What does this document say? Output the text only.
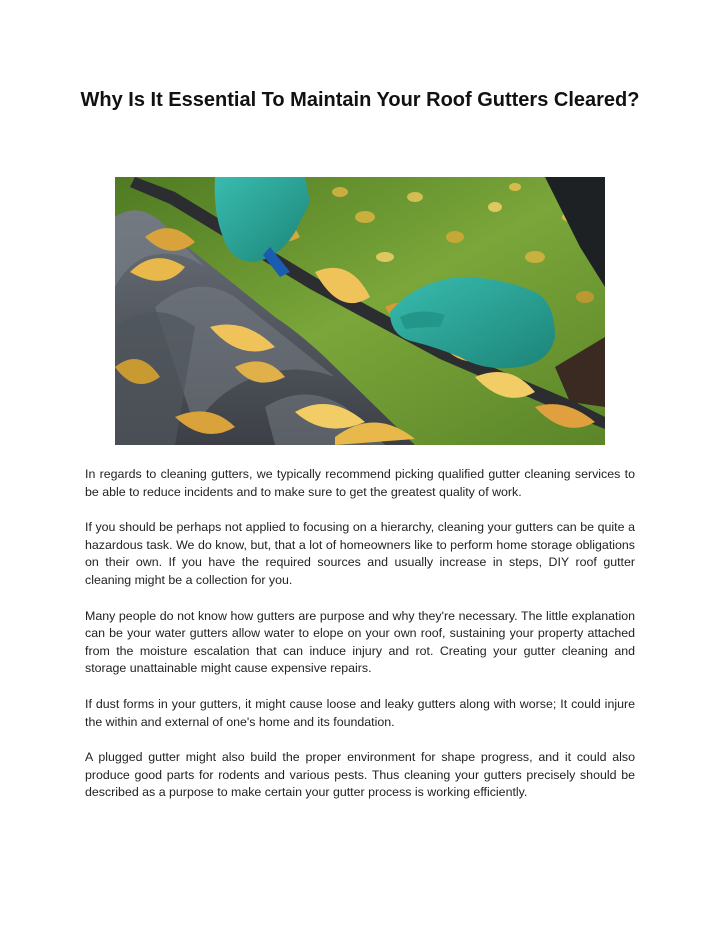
Why Is It Essential To Maintain Your Roof Gutters Cleared?

In regards to cleaning gutters, we typically recommend picking qualified gutter cleaning services to be able to reduce incidents and to make sure to get the greatest quality of work.

If you should be perhaps not applied to focusing on a hierarchy, cleaning your gutters can be quite a hazardous task. We do know, but, that a lot of homeowners like to perform home storage obligations on their own. If you have the required sources and usually increase in steps, DIY roof gutter cleaning might be a collection for you.

Many people do not know how gutters are purpose and why they're necessary. The little explanation can be your water gutters allow water to elope on your own roof, sustaining your property attached from the moisture escalation that can induce injury and rot. Creating your gutter cleaning and storage unattainable might cause expensive repairs.

If dust forms in your gutters, it might cause loose and leaky gutters along with worse; It could injure the within and external of one's home and its foundation.

A plugged gutter might also build the proper environment for shape progress, and it could also produce good parts for rodents and various pests. Thus cleaning your gutters precisely should be described as a purpose to make certain your gutter process is working efficiently.
